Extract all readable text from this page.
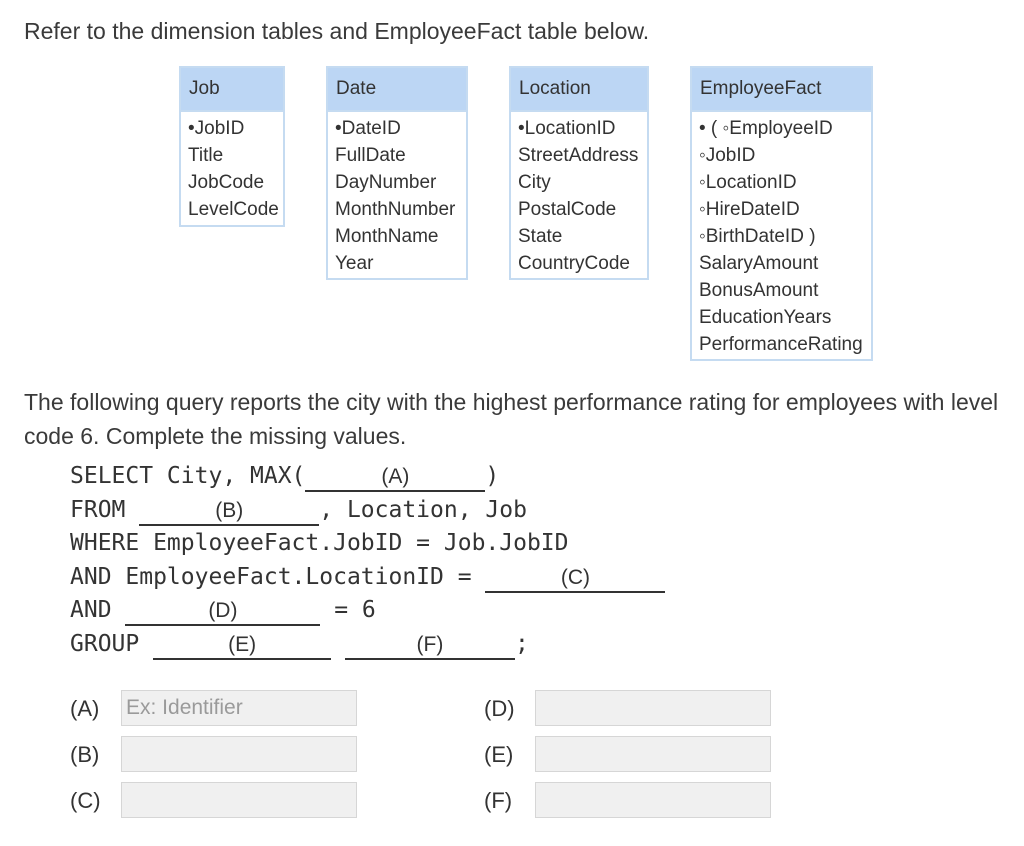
Refer to the dimension tables and EmployeeFact table below.
Job
•JobID
Title
JobCode
LevelCode
Date
•DateID
FullDate
DayNumber
MonthNumber
MonthName
Year
Location
•LocationID
StreetAddress
City
PostalCode
State
CountryCode
EmployeeFact
• ( ◦EmployeeID
◦JobID
◦LocationID
◦HireDateID
◦BirthDateID )
SalaryAmount
BonusAmount
EducationYears
PerformanceRating
The following query reports the city with the highest performance rating for employees with level code 6. Complete the missing values.
SELECT City, MAX(	(A)	)
FROM	(B)	, Location, Job
WHERE EmployeeFact.JobID = Job.JobID
AND EmployeeFact.LocationID =	(C)
AND	(D)	= 6
GROUP	(E)	(F)	;
(A)
Ex: Identifier
(B)
(C)
(D)
(E)
(F)
